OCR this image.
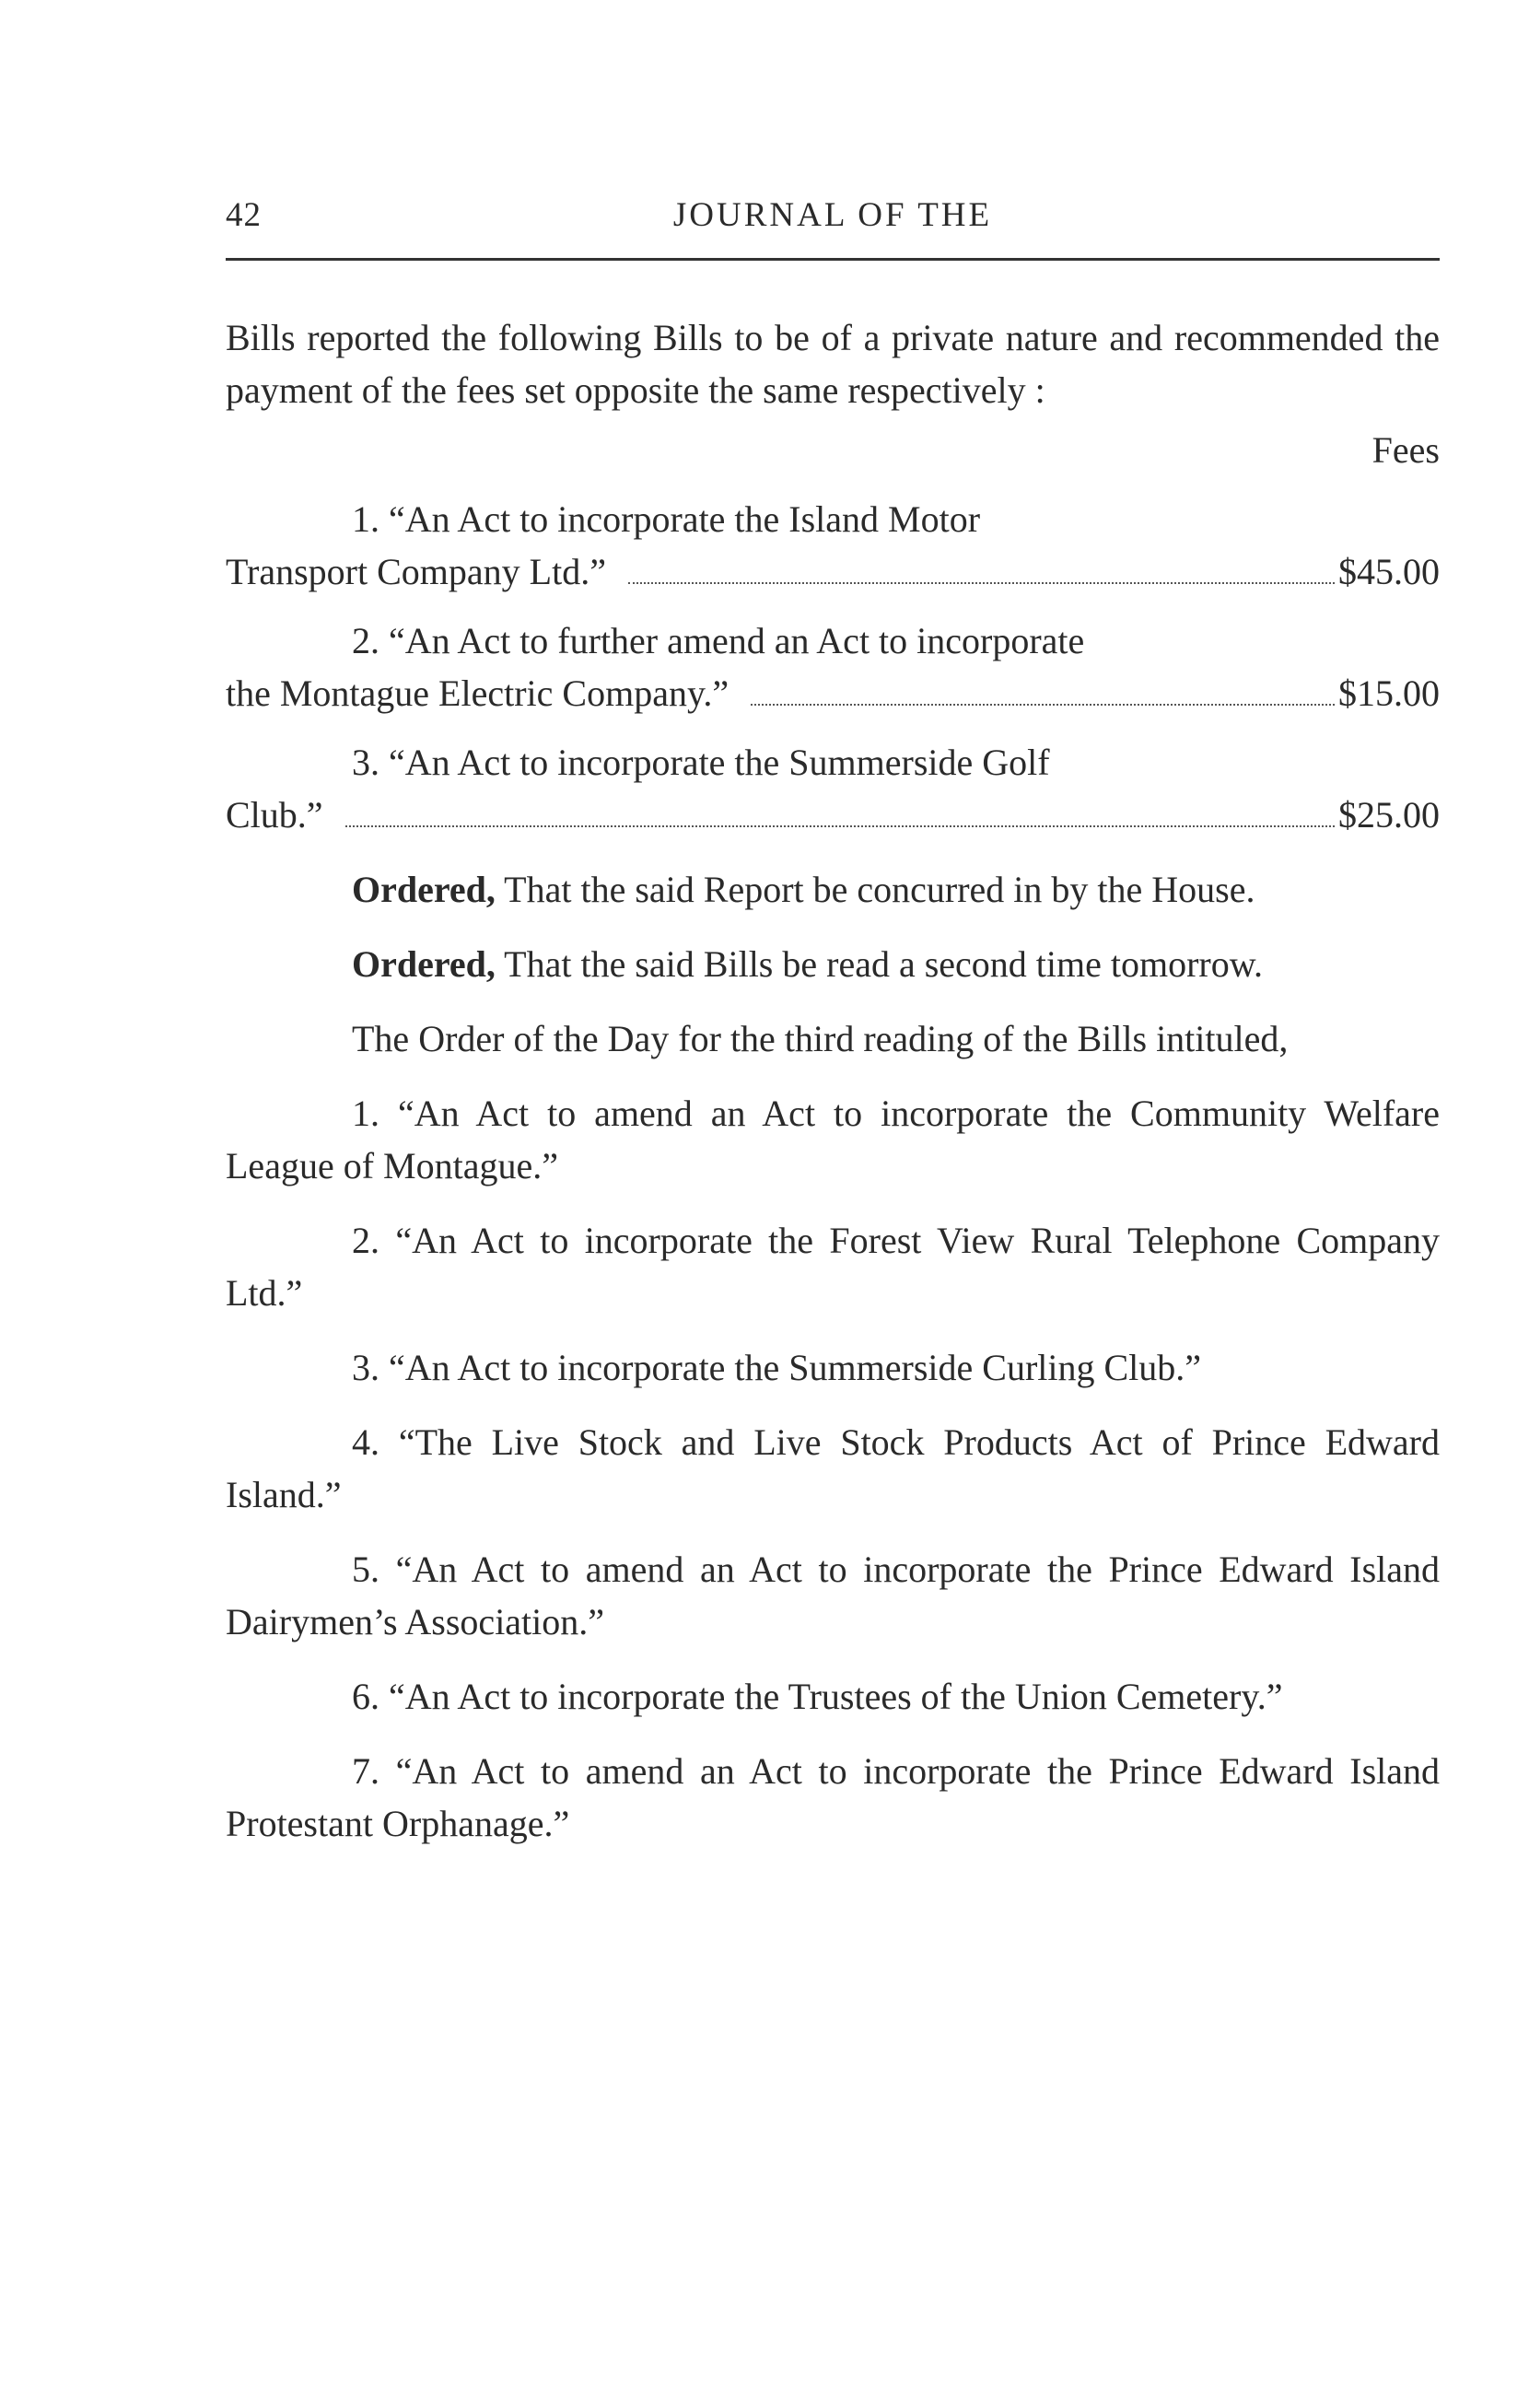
42	JOURNAL OF THE

Bills reported the following Bills to be of a private nature and recommended the payment of the fees set opposite the same respectively :

Fees

1. “An Act to incorporate the Island Motor

Transport Company Ltd.”	$45.00

2. “An Act to further amend an Act to incorporate

the Montague Electric Company.”	$15.00

3. “An Act to incorporate the Summerside Golf

Club.”	$25.00

Ordered, That the said Report be concurred in by the House.

Ordered, That the said Bills be read a second time tomorrow.

The Order of the Day for the third reading of the Bills intituled,

1. “An Act to amend an Act to incorporate the Community Welfare League of Montague.”

2. “An Act to incorporate the Forest View Rural Telephone Company Ltd.”

3. “An Act to incorporate the Summerside Curling Club.”

4. “The Live Stock and Live Stock Products Act of Prince Edward Island.”

5. “An Act to amend an Act to incorporate the Prince Edward Island Dairymen’s Association.”

6. “An Act to incorporate the Trustees of the Union Cemetery.”

7. “An Act to amend an Act to incorporate the Prince Edward Island Protestant Orphanage.”
